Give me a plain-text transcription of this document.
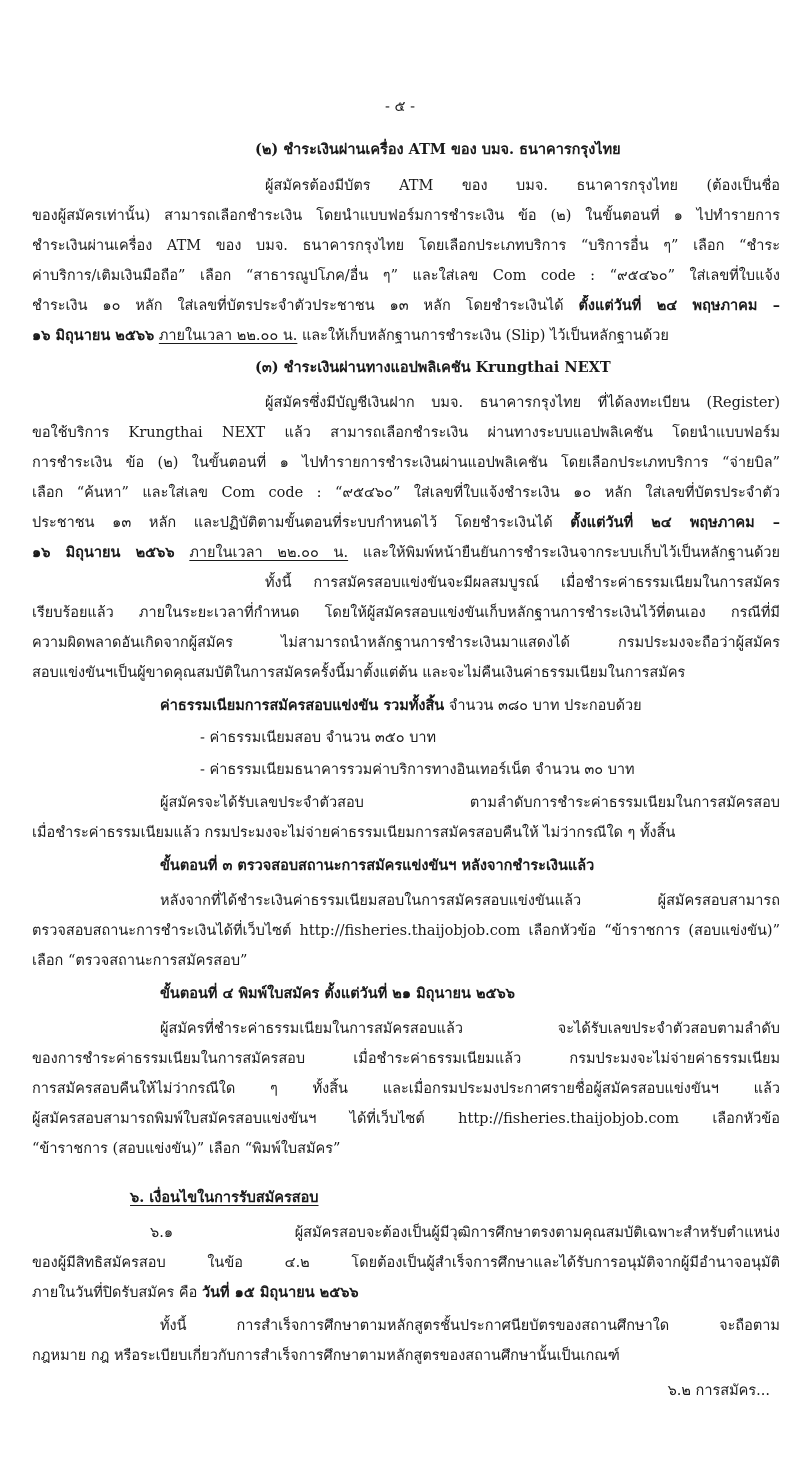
- ๕ -
(๒) ชำระเงินผ่านเครื่อง ATM ของ บมจ. ธนาคารกรุงไทย
ผู้สมัครต้องมีบัตร ATM ของ บมจ. ธนาคารกรุงไทย (ต้องเป็นชื่อ
ของผู้สมัครเท่านั้น) สามารถเลือกชำระเงิน โดยนำแบบฟอร์มการชำระเงิน ข้อ (๒) ในขั้นตอนที่ ๑ ไปทำรายการ
ชำระเงินผ่านเครื่อง ATM ของ บมจ. ธนาคารกรุงไทย โดยเลือกประเภทบริการ “บริการอื่น ๆ” เลือก “ชำระ
ค่าบริการ/เติมเงินมือถือ” เลือก “สาธารณูปโภค/อื่น ๆ” และใส่เลข Com code : “๙๕๔๖๐” ใส่เลขที่ใบแจ้ง
ชำระเงิน ๑๐ หลัก ใส่เลขที่บัตรประจำตัวประชาชน ๑๓ หลัก โดยชำระเงินได้ ตั้งแต่วันที่ ๒๔ พฤษภาคม –
๑๖ มิถุนายน ๒๕๖๖ ภายในเวลา ๒๒.๐๐ น. และให้เก็บหลักฐานการชำระเงิน (Slip) ไว้เป็นหลักฐานด้วย
(๓) ชำระเงินผ่านทางแอปพลิเคชัน Krungthai NEXT
ผู้สมัครซึ่งมีบัญชีเงินฝาก บมจ. ธนาคารกรุงไทย ที่ได้ลงทะเบียน (Register)
ขอใช้บริการ Krungthai NEXT แล้ว สามารถเลือกชำระเงิน ผ่านทางระบบแอปพลิเคชัน โดยนำแบบฟอร์ม
การชำระเงิน ข้อ (๒) ในขั้นตอนที่ ๑ ไปทำรายการชำระเงินผ่านแอปพลิเคชัน โดยเลือกประเภทบริการ “จ่ายบิล”
เลือก “ค้นหา” และใส่เลข Com code : “๙๕๔๖๐” ใส่เลขที่ใบแจ้งชำระเงิน ๑๐ หลัก ใส่เลขที่บัตรประจำตัว
ประชาชน ๑๓ หลัก และปฏิบัติตามขั้นตอนที่ระบบกำหนดไว้ โดยชำระเงินได้ ตั้งแต่วันที่ ๒๔ พฤษภาคม –
๑๖ มิถุนายน ๒๕๖๖ ภายในเวลา ๒๒.๐๐ น. และให้พิมพ์หน้ายืนยันการชำระเงินจากระบบเก็บไว้เป็นหลักฐานด้วย
ทั้งนี้ การสมัครสอบแข่งขันจะมีผลสมบูรณ์ เมื่อชำระค่าธรรมเนียมในการสมัคร
เรียบร้อยแล้ว ภายในระยะเวลาที่กำหนด โดยให้ผู้สมัครสอบแข่งขันเก็บหลักฐานการชำระเงินไว้ที่ตนเอง กรณีที่มี
ความผิดพลาดอันเกิดจากผู้สมัคร ไม่สามารถนำหลักฐานการชำระเงินมาแสดงได้ กรมประมงจะถือว่าผู้สมัคร
สอบแข่งขันฯเป็นผู้ขาดคุณสมบัติในการสมัครครั้งนี้มาตั้งแต่ต้น และจะไม่คืนเงินค่าธรรมเนียมในการสมัคร
ค่าธรรมเนียมการสมัครสอบแข่งขัน รวมทั้งสิ้น จำนวน ๓๘๐ บาท ประกอบด้วย
- ค่าธรรมเนียมสอบ จำนวน ๓๕๐ บาท
- ค่าธรรมเนียมธนาคารรวมค่าบริการทางอินเทอร์เน็ต จำนวน ๓๐ บาท
ผู้สมัครจะได้รับเลขประจำตัวสอบ ตามลำดับการชำระค่าธรรมเนียมในการสมัครสอบ
เมื่อชำระค่าธรรมเนียมแล้ว กรมประมงจะไม่จ่ายค่าธรรมเนียมการสมัครสอบคืนให้ ไม่ว่ากรณีใด ๆ ทั้งสิ้น
ขั้นตอนที่ ๓ ตรวจสอบสถานะการสมัครแข่งขันฯ หลังจากชำระเงินแล้ว
หลังจากที่ได้ชำระเงินค่าธรรมเนียมสอบในการสมัครสอบแข่งขันแล้ว ผู้สมัครสอบสามารถ
ตรวจสอบสถานะการชำระเงินได้ที่เว็บไซต์ http://fisheries.thaijobjob.com เลือกหัวข้อ “ข้าราชการ (สอบแข่งขัน)”
เลือก “ตรวจสถานะการสมัครสอบ”
ขั้นตอนที่ ๔ พิมพ์ใบสมัคร ตั้งแต่วันที่ ๒๑ มิถุนายน ๒๕๖๖
ผู้สมัครที่ชำระค่าธรรมเนียมในการสมัครสอบแล้ว จะได้รับเลขประจำตัวสอบตามลำดับ
ของการชำระค่าธรรมเนียมในการสมัครสอบ เมื่อชำระค่าธรรมเนียมแล้ว กรมประมงจะไม่จ่ายค่าธรรมเนียม
การสมัครสอบคืนให้ไม่ว่ากรณีใด ๆ ทั้งสิ้น และเมื่อกรมประมงประกาศรายชื่อผู้สมัครสอบแข่งขันฯ แล้ว
ผู้สมัครสอบสามารถพิมพ์ใบสมัครสอบแข่งขันฯ ได้ที่เว็บไซต์ http://fisheries.thaijobjob.com เลือกหัวข้อ
“ข้าราชการ (สอบแข่งขัน)” เลือก “พิมพ์ใบสมัคร”
๖. เงื่อนไขในการรับสมัครสอบ
๖.๑ ผู้สมัครสอบจะต้องเป็นผู้มีวุฒิการศึกษาตรงตามคุณสมบัติเฉพาะสำหรับตำแหน่ง
ของผู้มีสิทธิสมัครสอบ ในข้อ ๔.๒ โดยต้องเป็นผู้สำเร็จการศึกษาและได้รับการอนุมัติจากผู้มีอำนาจอนุมัติ
ภายในวันที่ปิดรับสมัคร คือ วันที่ ๑๕ มิถุนายน ๒๕๖๖
ทั้งนี้ การสำเร็จการศึกษาตามหลักสูตรชั้นประกาศนียบัตรของสถานศึกษาใด จะถือตาม
กฎหมาย กฎ หรือระเบียบเกี่ยวกับการสำเร็จการศึกษาตามหลักสูตรของสถานศึกษานั้นเป็นเกณฑ์
๖.๒ การสมัคร...
